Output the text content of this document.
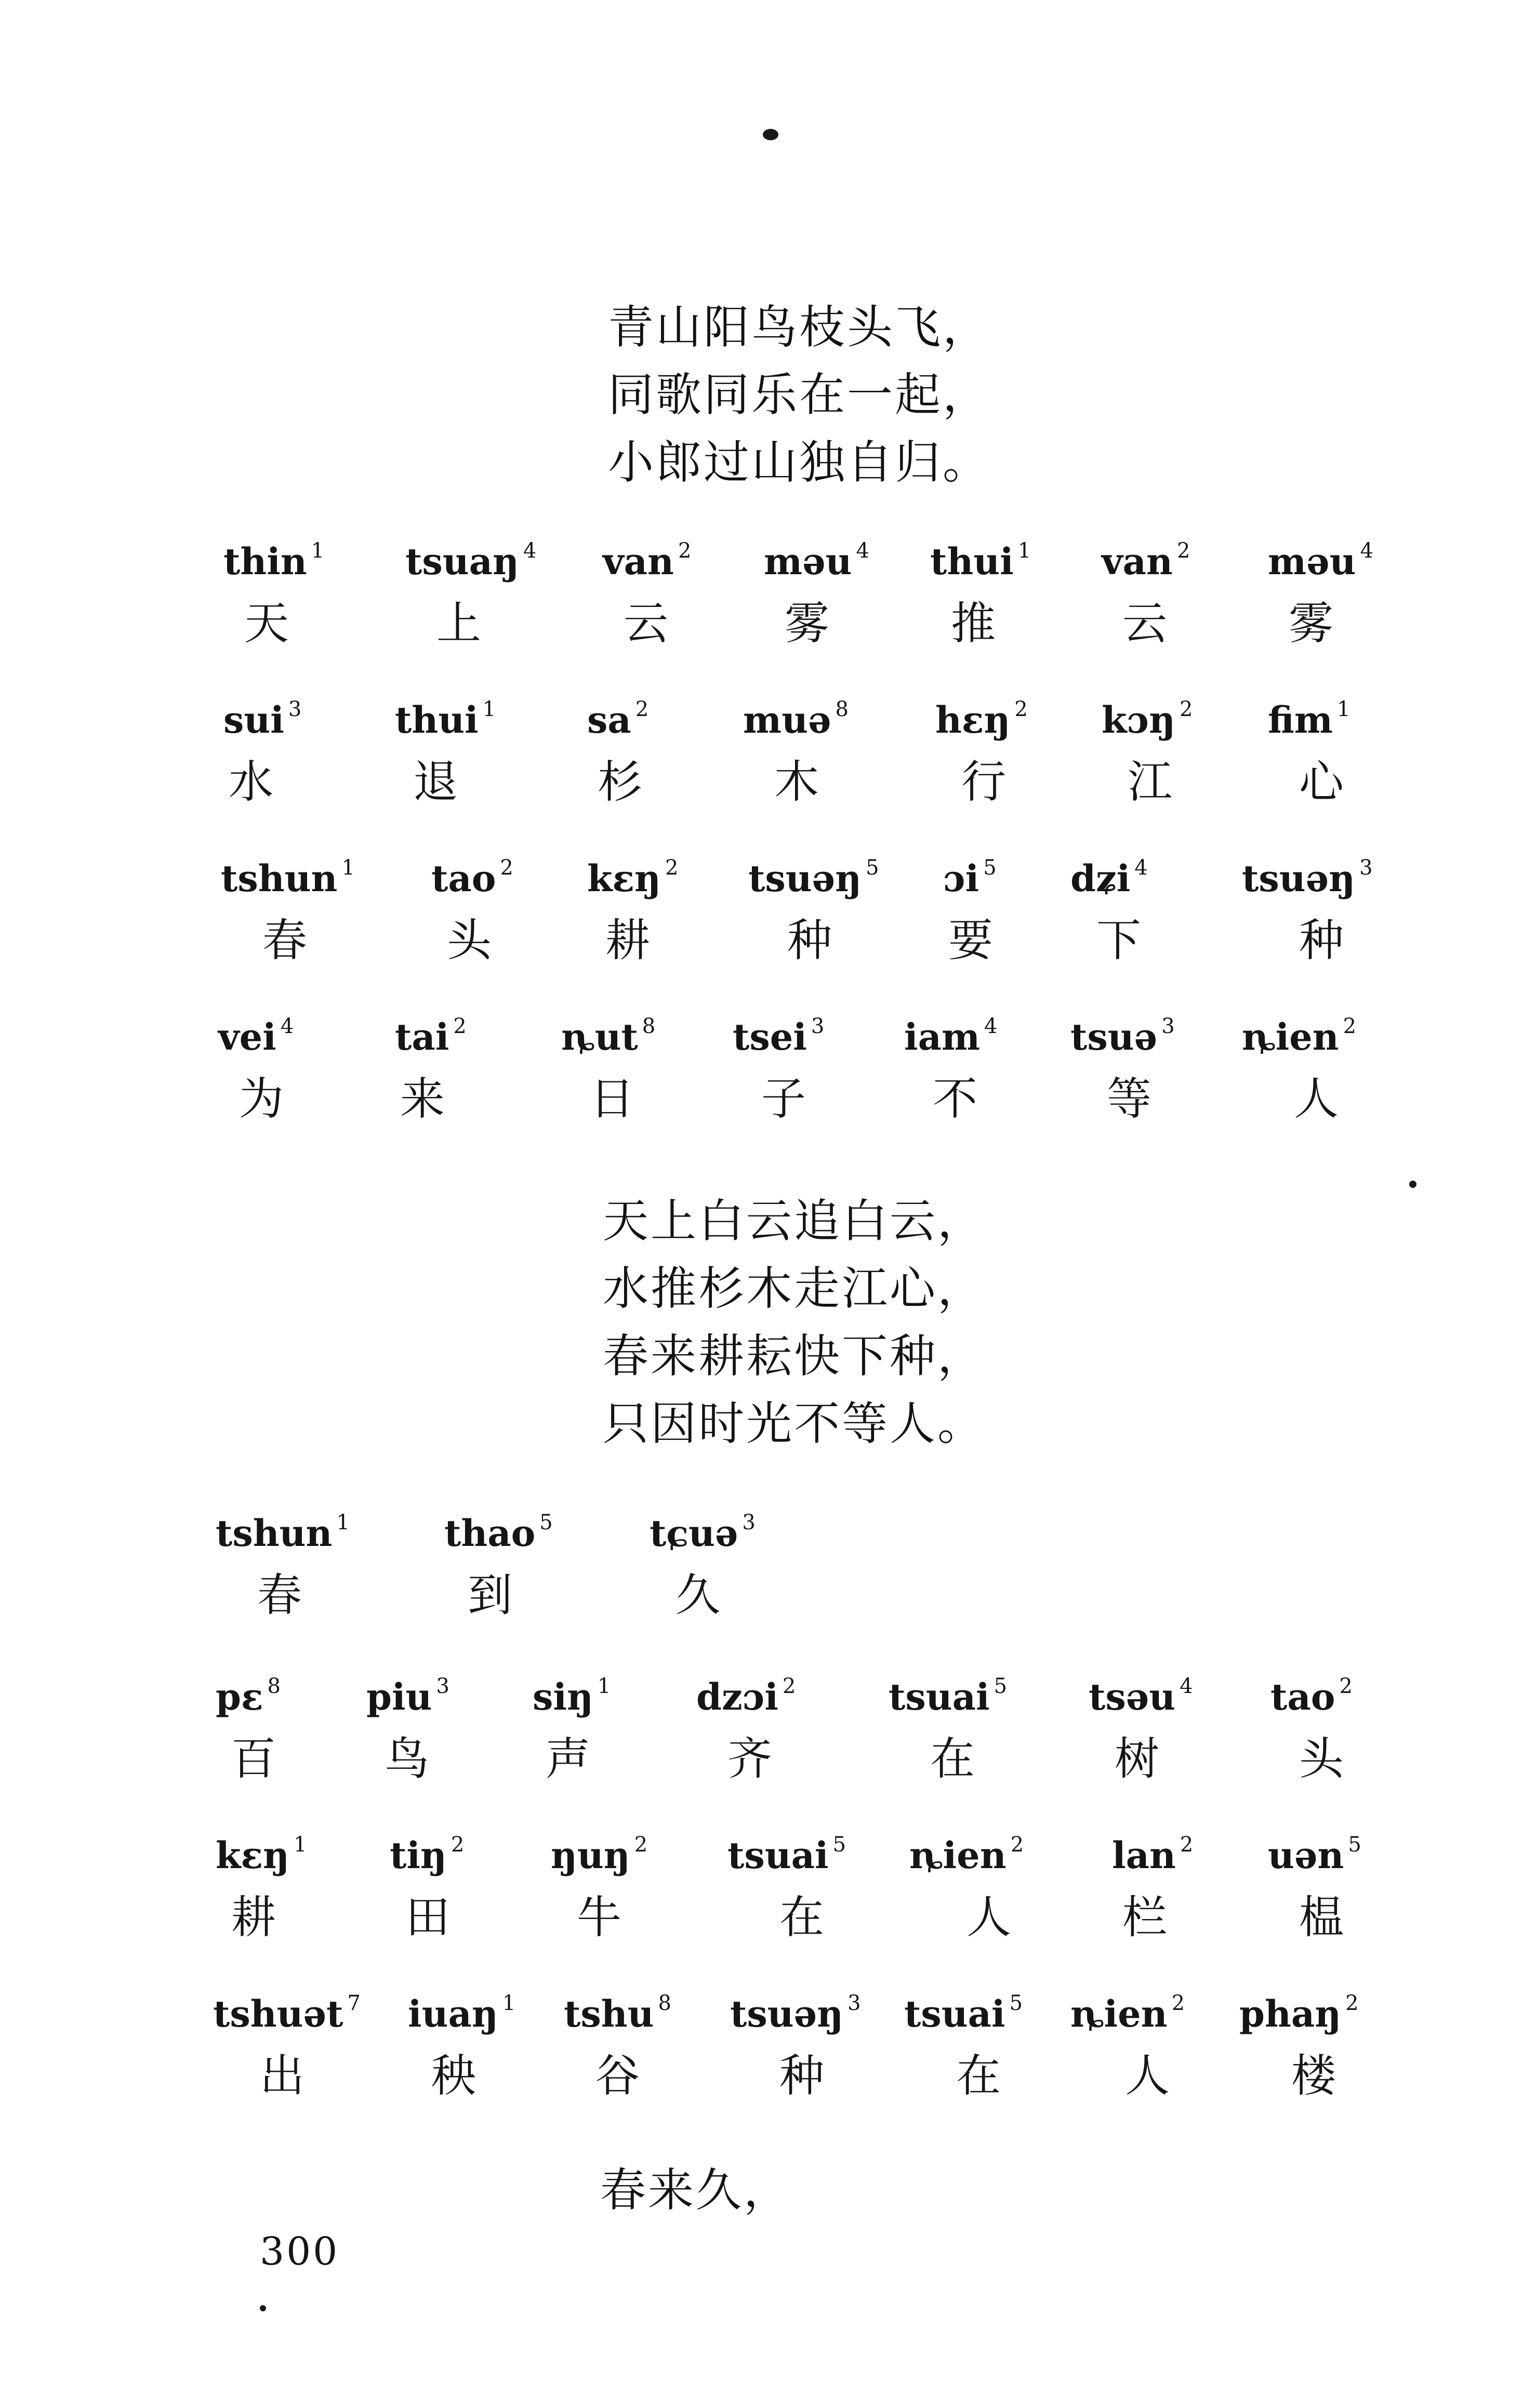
青山阳鸟枝头飞，
同歌同乐在一起，
小郎过山独自归。
thin $^1$
天
tsuaŋ $^4$
上
van $^2$
云
məu $^4$
雾
thui $^1$
推
van $^2$
云
məu $^4$
雾
sui $^3$
水
thui $^1$
退
sa $^2$
杉
muə $^8$
木
hɛŋ $^2$
行
kɔŋ $^2$
江
fim $^1$
心
tshun $^1$
春
tao $^2$
头
kɛŋ $^2$
耕
tsuəŋ $^5$
种
ɔi $^5$
要
dʑi $^4$
下
tsuəŋ $^3$
种
vei $^4$
为
tai $^2$
来
ȵut $^8$
日
tsei $^3$
子
iam $^4$
不
tsuə $^3$
等
ȵien $^2$
人
天上白云追白云，
水推杉木走江心，
春来耕耘快下种，
只因时光不等人。
tshun $^1$
春
thao $^5$
到
tɕuə $^3$
久
pɛ $^8$
百
piu $^3$
鸟
siŋ $^1$
声
dzɔi $^2$
齐
tsuai $^5$
在
tsəu $^4$
树
tao $^2$
头
kɛŋ $^1$
耕
tiŋ $^2$
田
ŋuŋ $^2$
牛
tsuai $^5$
在
ȵien $^2$
人
lan $^2$
栏
uən $^5$
榅
tshuət $^7$
出
iuaŋ $^1$
秧
tshu $^8$
谷
tsuəŋ $^3$
种
tsuai $^5$
在
ȵien $^2$
人
phaŋ $^2$
楼
春来久，
300
